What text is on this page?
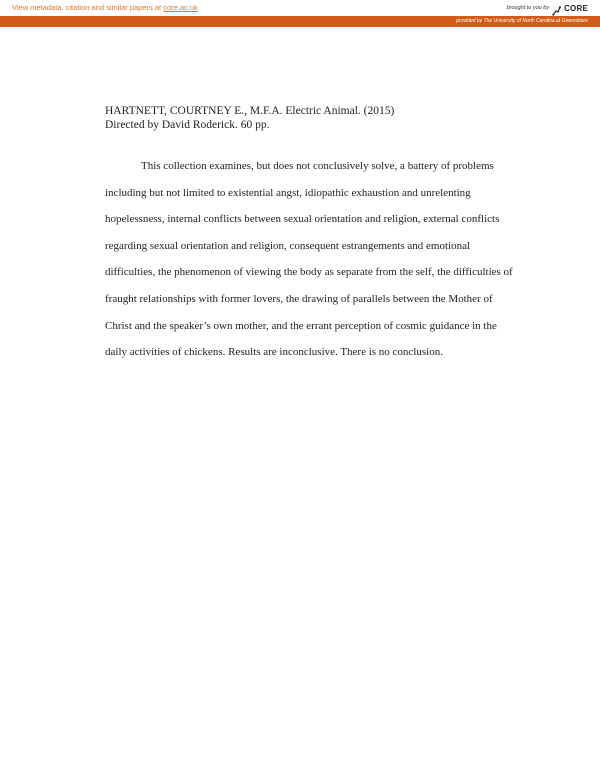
View metadata, citation and similar papers at core.ac.uk	brought to you by CORE
provided by The University of North Carolina at Greensboro
HARTNETT, COURTNEY E., M.F.A. Electric Animal. (2015)
Directed by David Roderick. 60 pp.
This collection examines, but does not conclusively solve, a battery of problems
including but not limited to existential angst, idiopathic exhaustion and unrelenting
hopelessness, internal conflicts between sexual orientation and religion, external conflicts
regarding sexual orientation and religion, consequent estrangements and emotional
difficulties, the phenomenon of viewing the body as separate from the self, the difficulties of
fraught relationships with former lovers, the drawing of parallels between the Mother of
Christ and the speaker’s own mother, and the errant perception of cosmic guidance in the
daily activities of chickens. Results are inconclusive. There is no conclusion.
